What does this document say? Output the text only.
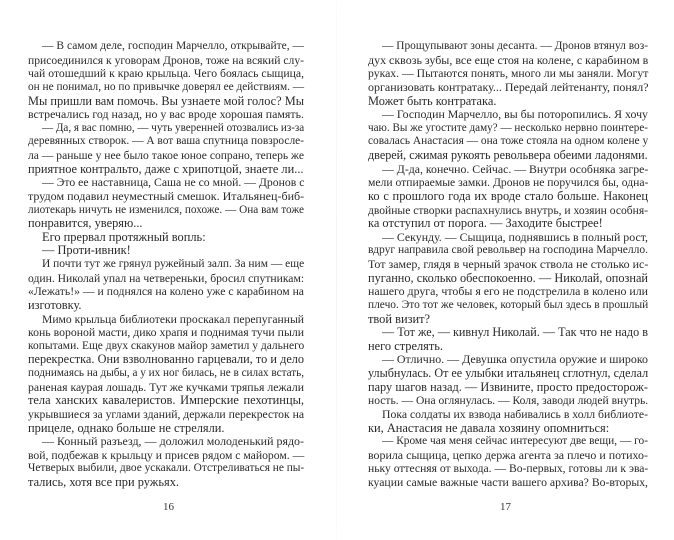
— В самом деле, господин Марчелло, открывайте, —
присоединился к уговорам Дронов, тоже на всякий слу-
чай отошедший к краю крыльца. Чего боялась сыщица,
он не понимал, но по привычке доверял ее действиям. —
Мы пришли вам помочь. Вы узнаете мой голос? Мы
встречались год назад, но у вас вроде хорошая память.
— Да, я вас помню, — чуть уверенней отозвались из-за
деревянных створок. — А вот ваша спутница повзросле-
ла — раньше у нее было такое юное сопрано, теперь же
приятное контральто, даже с хрипотцой, знаете ли...
— Это ее наставница, Саша не со мной. — Дронов с
трудом подавил неуместный смешок. Итальянец-биб-
лиотекарь ничуть не изменился, похоже. — Она вам тоже
понравится, уверяю...
Его прервал протяжный вопль:
— Проти-ивник!
И почти тут же грянул ружейный залп. За ним — еще
один. Николай упал на четвереньки, бросил спутникам:
«Лежать!» — и поднялся на колено уже с карабином на
изготовку.
Мимо крыльца библиотеки проскакал перепуганный
конь вороной масти, дико храпя и поднимая тучи пыли
копытами. Еще двух скакунов майор заметил у дальнего
перекрестка. Они взволнованно гарцевали, то и дело
поднимаясь на дыбы, а у их ног билась, не в силах встать,
раненая каурая лошадь. Тут же кучками тряпья лежали
тела ханских кавалеристов. Имперские пехотинцы,
укрывшиеся за углами зданий, держали перекресток на
прицеле, однако больше не стреляли.
— Конный разъезд, — доложил молоденький рядо-
вой, подбежав к крыльцу и присев рядом с майором. —
Четверых выбили, двое ускакали. Отстреливаться не пы-
тались, хотя все при ружьях.
16
— Прощупывают зоны десанта. — Дронов втянул воз-
дух сквозь зубы, все еще стоя на колене, с карабином в
руках. — Пытаются понять, много ли мы заняли. Могут
организовать контратаку... Передай лейтенанту, понял?
Может быть контратака.
— Господин Марчелло, вы бы поторопились. Я хочу
чаю. Вы же угостите даму? — несколько нервно поинтере-
совалась Анастасия — она тоже стояла на одном колене у
дверей, сжимая рукоять револьвера обеими ладонями.
— Д-да, конечно. Сейчас. — Внутри особняка загре-
мели отпираемые замки. Дронов не поручился бы, одна-
ко с прошлого года их вроде стало больше. Наконец
двойные створки распахнулись внутрь, и хозяин особня-
ка отступил от порога. — Заходите быстрее!
— Секунду. — Сыщица, поднявшись в полный рост,
вдруг направила свой револьвер на господина Марчелло.
Тот замер, глядя в черный зрачок ствола не столько ис-
пуганно, сколько обеспокоенно. — Николай, опознай
нашего друга, чтобы я его не подстрелила в колено или
плечо. Это тот же человек, который был здесь в прошлый
твой визит?
— Тот же, — кивнул Николай. — Так что не надо в
него стрелять.
— Отлично. — Девушка опустила оружие и широко
улыбнулась. От ее улыбки итальянец сглотнул, сделал
пару шагов назад. — Извините, просто предосторож-
ность. — Она оглянулась. — Коля, заводи людей внутрь.
Пока солдаты их взвода набивались в холл библиоте-
ки, Анастасия не давала хозяину опомниться:
— Кроме чая меня сейчас интересуют две вещи, — го-
ворила сыщица, цепко держа агента за плечо и потихо-
ньку оттесняя от выхода. — Во-первых, готовы ли к эва-
куации самые важные части вашего архива? Во-вторых,
17
